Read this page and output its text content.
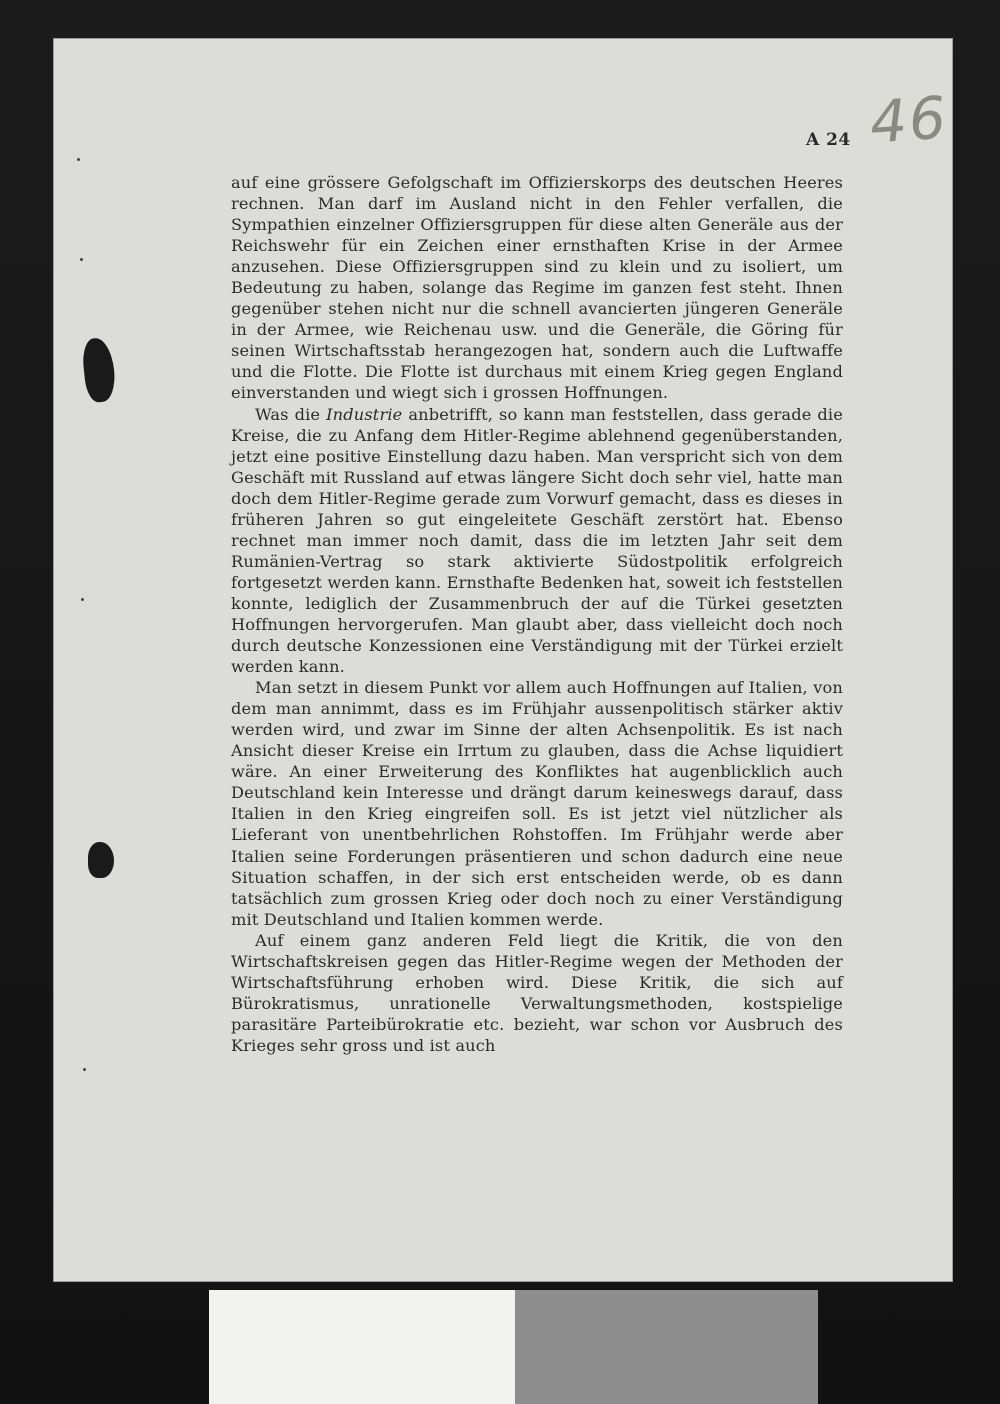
A 24 46

auf eine grössere Gefolgschaft im Offizierskorps des deutschen Heeres rechnen. Man darf im Ausland nicht in den Fehler verfallen, die Sympathien einzelner Offiziersgruppen für diese alten Generäle aus der Reichswehr für ein Zeichen einer ernsthaften Krise in der Armee anzusehen. Diese Offiziersgruppen sind zu klein und zu isoliert, um Bedeutung zu haben, solange das Regime im ganzen fest steht. Ihnen gegenüber stehen nicht nur die schnell avancierten jüngeren Generäle in der Armee, wie Reichenau usw. und die Generäle, die Göring für seinen Wirtschaftsstab herangezogen hat, sondern auch die Luftwaffe und die Flotte. Die Flotte ist durchaus mit einem Krieg gegen England einverstanden und wiegt sich i grossen Hoffnungen.

Was die Industrie anbetrifft, so kann man feststellen, dass gerade die Kreise, die zu Anfang dem Hitler-Regime ablehnend gegenüberstanden, jetzt eine positive Einstellung dazu haben. Man verspricht sich von dem Geschäft mit Russland auf etwas längere Sicht doch sehr viel, hatte man doch dem Hitler-Regime gerade zum Vorwurf gemacht, dass es dieses in früheren Jahren so gut eingeleitete Geschäft zerstört hat. Ebenso rechnet man immer noch damit, dass die im letzten Jahr seit dem Rumänien-Vertrag so stark aktivierte Südostpolitik erfolgreich fortgesetzt werden kann. Ernsthafte Bedenken hat, soweit ich feststellen konnte, lediglich der Zusammenbruch der auf die Türkei gesetzten Hoffnungen hervorgerufen. Man glaubt aber, dass vielleicht doch noch durch deutsche Konzessionen eine Verständigung mit der Türkei erzielt werden kann.

Man setzt in diesem Punkt vor allem auch Hoffnungen auf Italien, von dem man annimmt, dass es im Frühjahr aussenpolitisch stärker aktiv werden wird, und zwar im Sinne der alten Achsenpolitik. Es ist nach Ansicht dieser Kreise ein Irrtum zu glauben, dass die Achse liquidiert wäre. An einer Erweiterung des Konfliktes hat augenblicklich auch Deutschland kein Interesse und drängt darum keineswegs darauf, dass Italien in den Krieg eingreifen soll. Es ist jetzt viel nützlicher als Lieferant von unentbehrlichen Rohstoffen. Im Frühjahr werde aber Italien seine Forderungen präsentieren und schon dadurch eine neue Situation schaffen, in der sich erst entscheiden werde, ob es dann tatsächlich zum grossen Krieg oder doch noch zu einer Verständigung mit Deutschland und Italien kommen werde.

Auf einem ganz anderen Feld liegt die Kritik, die von den Wirtschaftskreisen gegen das Hitler-Regime wegen der Methoden der Wirtschaftsführung erhoben wird. Diese Kritik, die sich auf Bürokratismus, unrationelle Verwaltungsmethoden, kostspielige parasitäre Parteibürokratie etc. bezieht, war schon vor Ausbruch des Krieges sehr gross und ist auch
